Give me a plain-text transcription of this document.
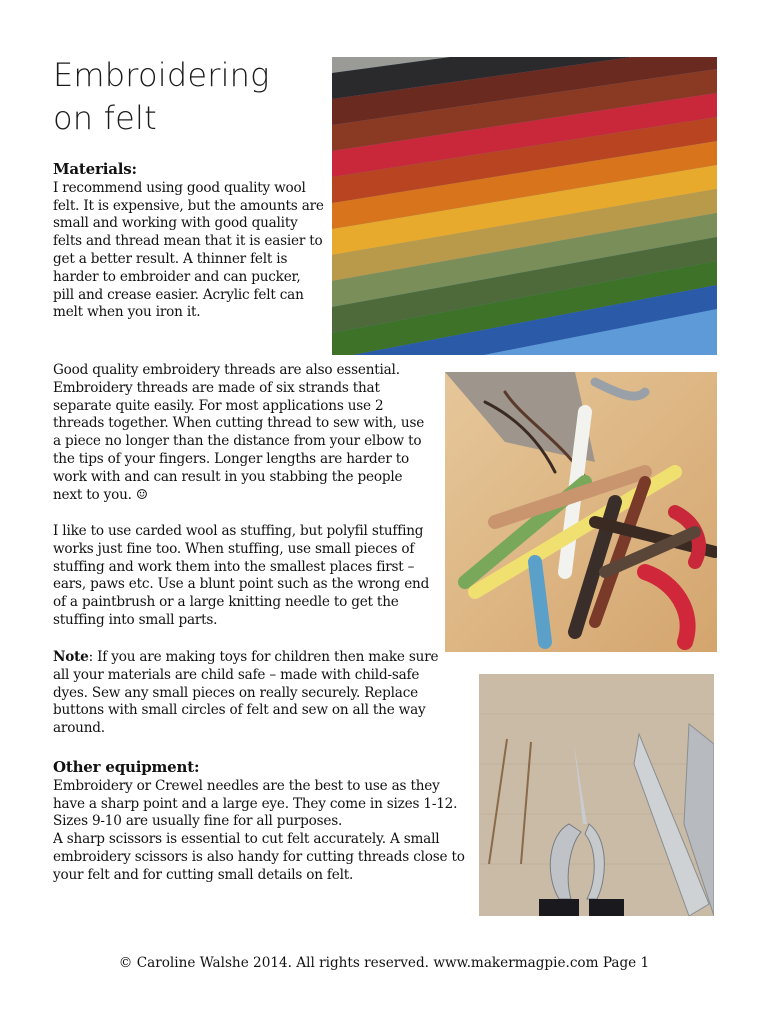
Embroidering
on felt
Materials:

I recommend using good quality wool felt. It is expensive, but the amounts are small and working with good quality felts and thread mean that it is easier to get a better result. A thinner felt is harder to embroider and can pucker, pill and crease easier. Acrylic felt can melt when you iron it.

Good quality embroidery threads are also essential. Embroidery threads are made of six strands that separate quite easily. For most applications use 2 threads together. When cutting thread to sew with, use a piece no longer than the distance from your elbow to the tips of your fingers. Longer lengths are harder to work with and can result in you stabbing the people next to you. ☺

I like to use carded wool as stuffing, but polyfil stuffing works just fine too. When stuffing, use small pieces of stuffing and work them into the smallest places first – ears, paws etc. Use a blunt point such as the wrong end of a paintbrush or a large knitting needle to get the stuffing into small parts.

Note: If you are making toys for children then make sure all your materials are child safe – made with child-safe dyes. Sew any small pieces on really securely. Replace buttons with small circles of felt and sew on all the way around.

Other equipment:

Embroidery or Crewel needles are the best to use as they have a sharp point and a large eye. They come in sizes 1-12. Sizes 9-10 are usually fine for all purposes.

A sharp scissors is essential to cut felt accurately. A small embroidery scissors is also handy for cutting threads close to your felt and for cutting small details on felt.

© Caroline Walshe 2014. All rights reserved. www.makermagpie.com Page 1
